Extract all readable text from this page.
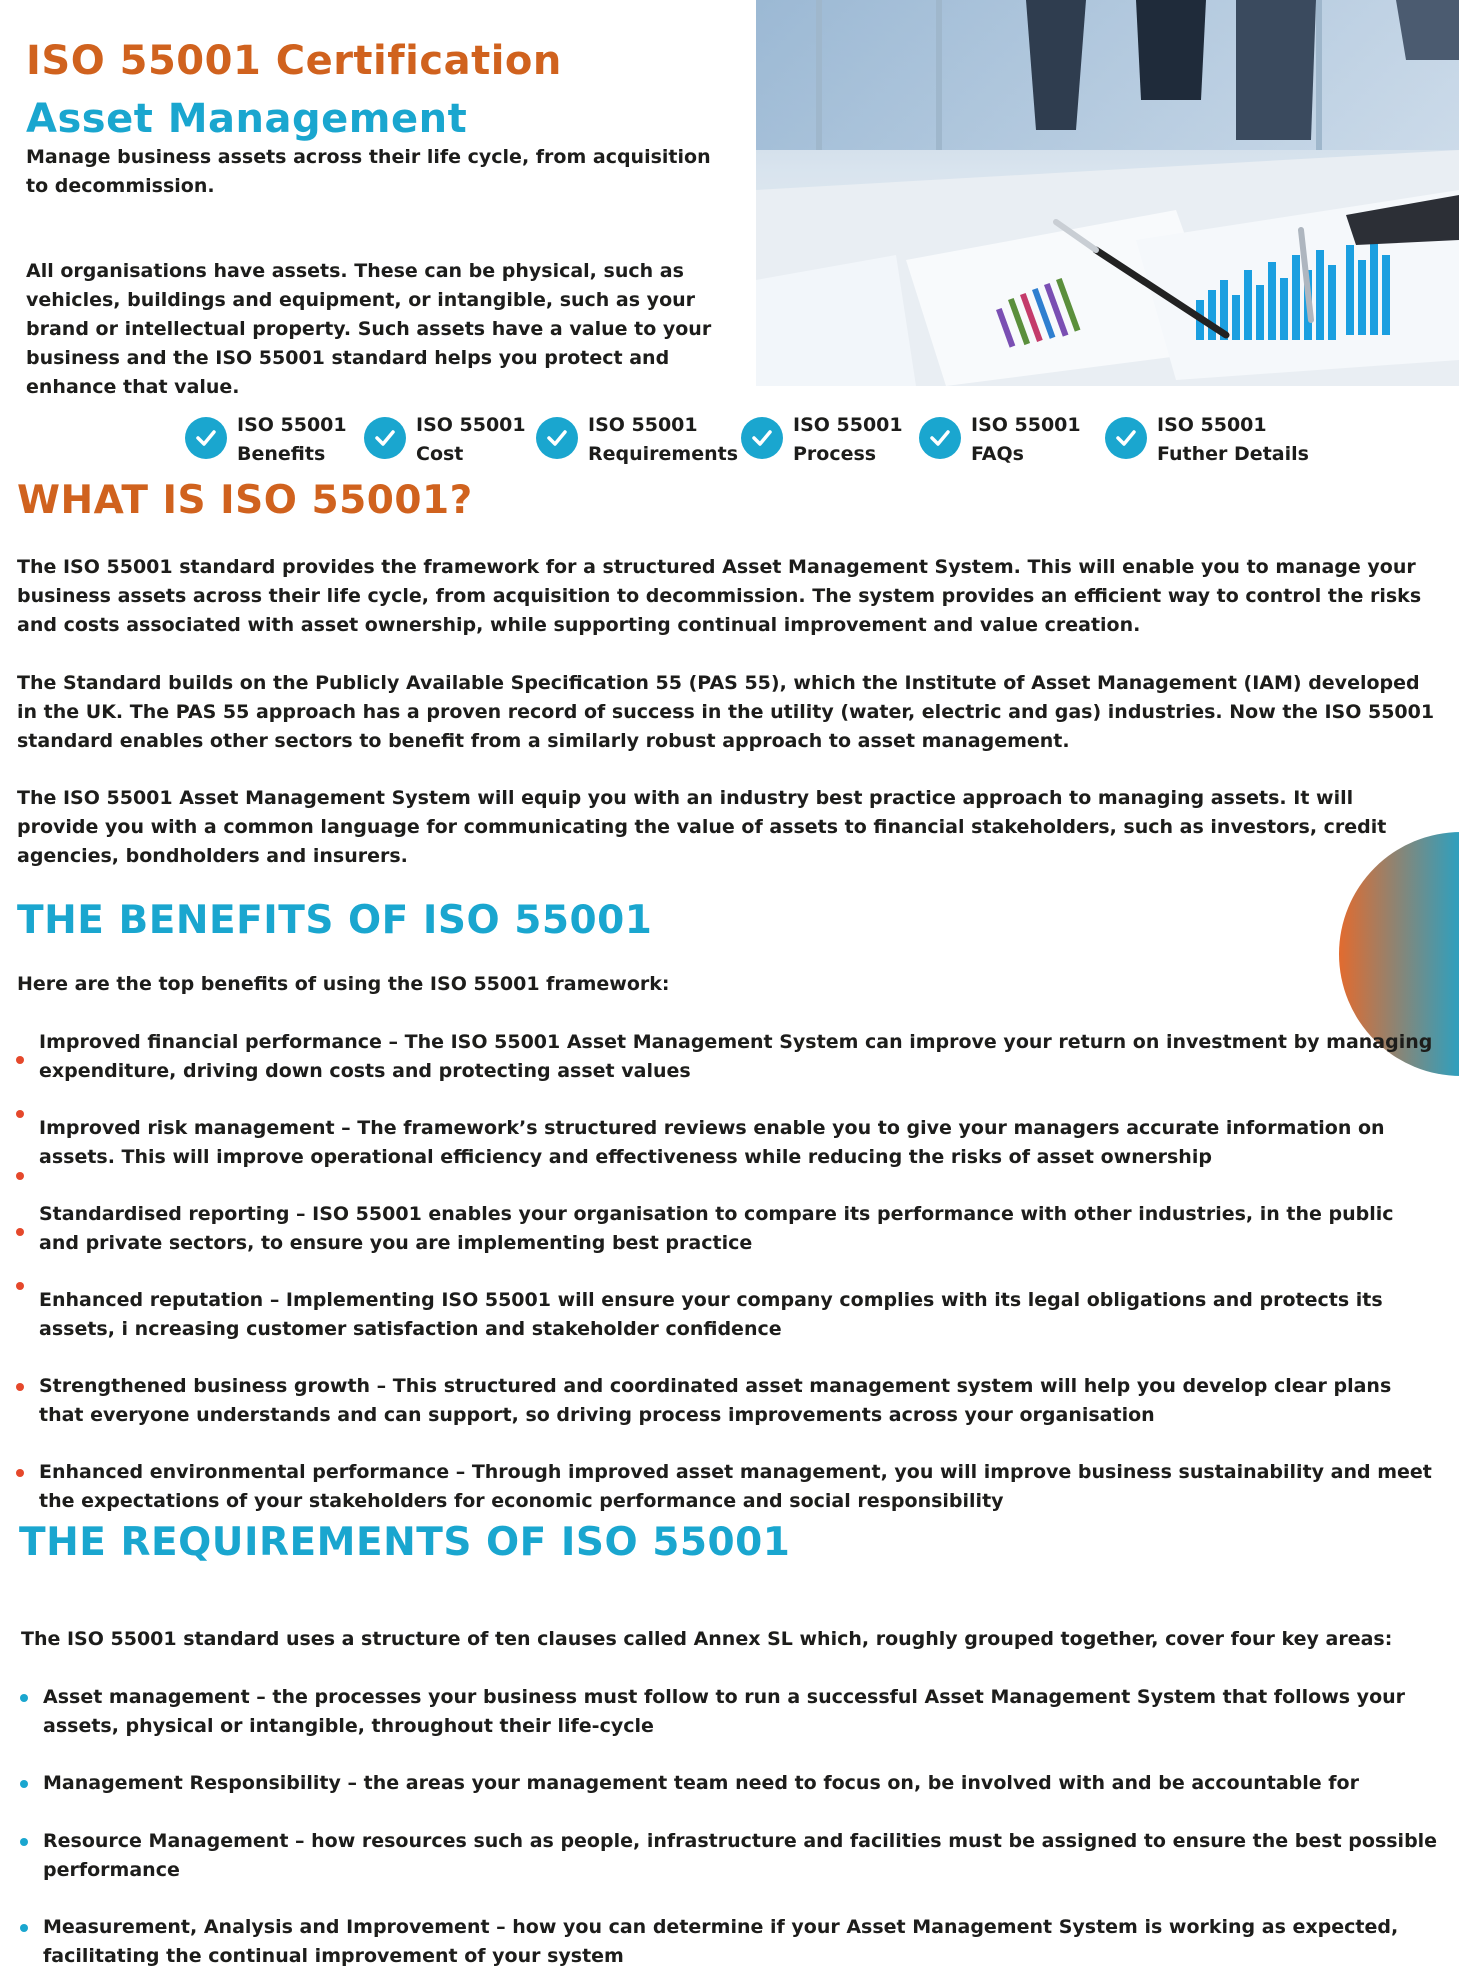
ISO 55001 Certification
Asset Management

Manage business assets across their life cycle, from acquisition to decommission.

All organisations have assets. These can be physical, such as vehicles, buildings and equipment, or intangible, such as your brand or intellectual property. Such assets have a value to your business and the ISO 55001 standard helps you protect and enhance that value.

ISO 55001
Benefits
ISO 55001
Cost
ISO 55001
Requirements
ISO 55001
Process
ISO 55001
FAQs
ISO 55001
Futher Details
WHAT IS ISO 55001?

The ISO 55001 standard provides the framework for a structured Asset Management System. This will enable you to manage your business assets across their life cycle, from acquisition to decommission. The system provides an efficient way to control the risks and costs associated with asset ownership, while supporting continual improvement and value creation.

The Standard builds on the Publicly Available Specification 55 (PAS 55), which the Institute of Asset Management (IAM) developed in the UK. The PAS 55 approach has a proven record of success in the utility (water, electric and gas) industries. Now the ISO 55001 standard enables other sectors to benefit from a similarly robust approach to asset management.

The ISO 55001 Asset Management System will equip you with an industry best practice approach to managing assets. It will provide you with a common language for communicating the value of assets to financial stakeholders, such as investors, credit agencies, bondholders and insurers.

THE BENEFITS OF ISO 55001

Here are the top benefits of using the ISO 55001 framework:

Improved financial performance – The ISO 55001 Asset Management System can improve your return on investment by managing expenditure, driving down costs and protecting asset values

Improved risk management – The framework’s structured reviews enable you to give your managers accurate information on assets. This will improve operational efficiency and effectiveness while reducing the risks of asset ownership

Standardised reporting – ISO 55001 enables your organisation to compare its performance with other industries, in the public and private sectors, to ensure you are implementing best practice

Enhanced reputation – Implementing ISO 55001 will ensure your company complies with its legal obligations and protects its assets, i ncreasing customer satisfaction and stakeholder confidence

Strengthened business growth – This structured and coordinated asset management system will help you develop clear plans that everyone understands and can support, so driving process improvements across your organisation

Enhanced environmental performance – Through improved asset management, you will improve business sustainability and meet the expectations of your stakeholders for economic performance and social responsibility

THE REQUIREMENTS OF ISO 55001

The ISO 55001 standard uses a structure of ten clauses called Annex SL which, roughly grouped together, cover four key areas:

Asset management – the processes your business must follow to run a successful Asset Management System that follows your assets, physical or intangible, throughout their life-cycle

Management Responsibility – the areas your management team need to focus on, be involved with and be accountable for

Resource Management – how resources such as people, infrastructure and facilities must be assigned to ensure the best possible performance

Measurement, Analysis and Improvement – how you can determine if your Asset Management System is working as expected, facilitating the continual improvement of your system
